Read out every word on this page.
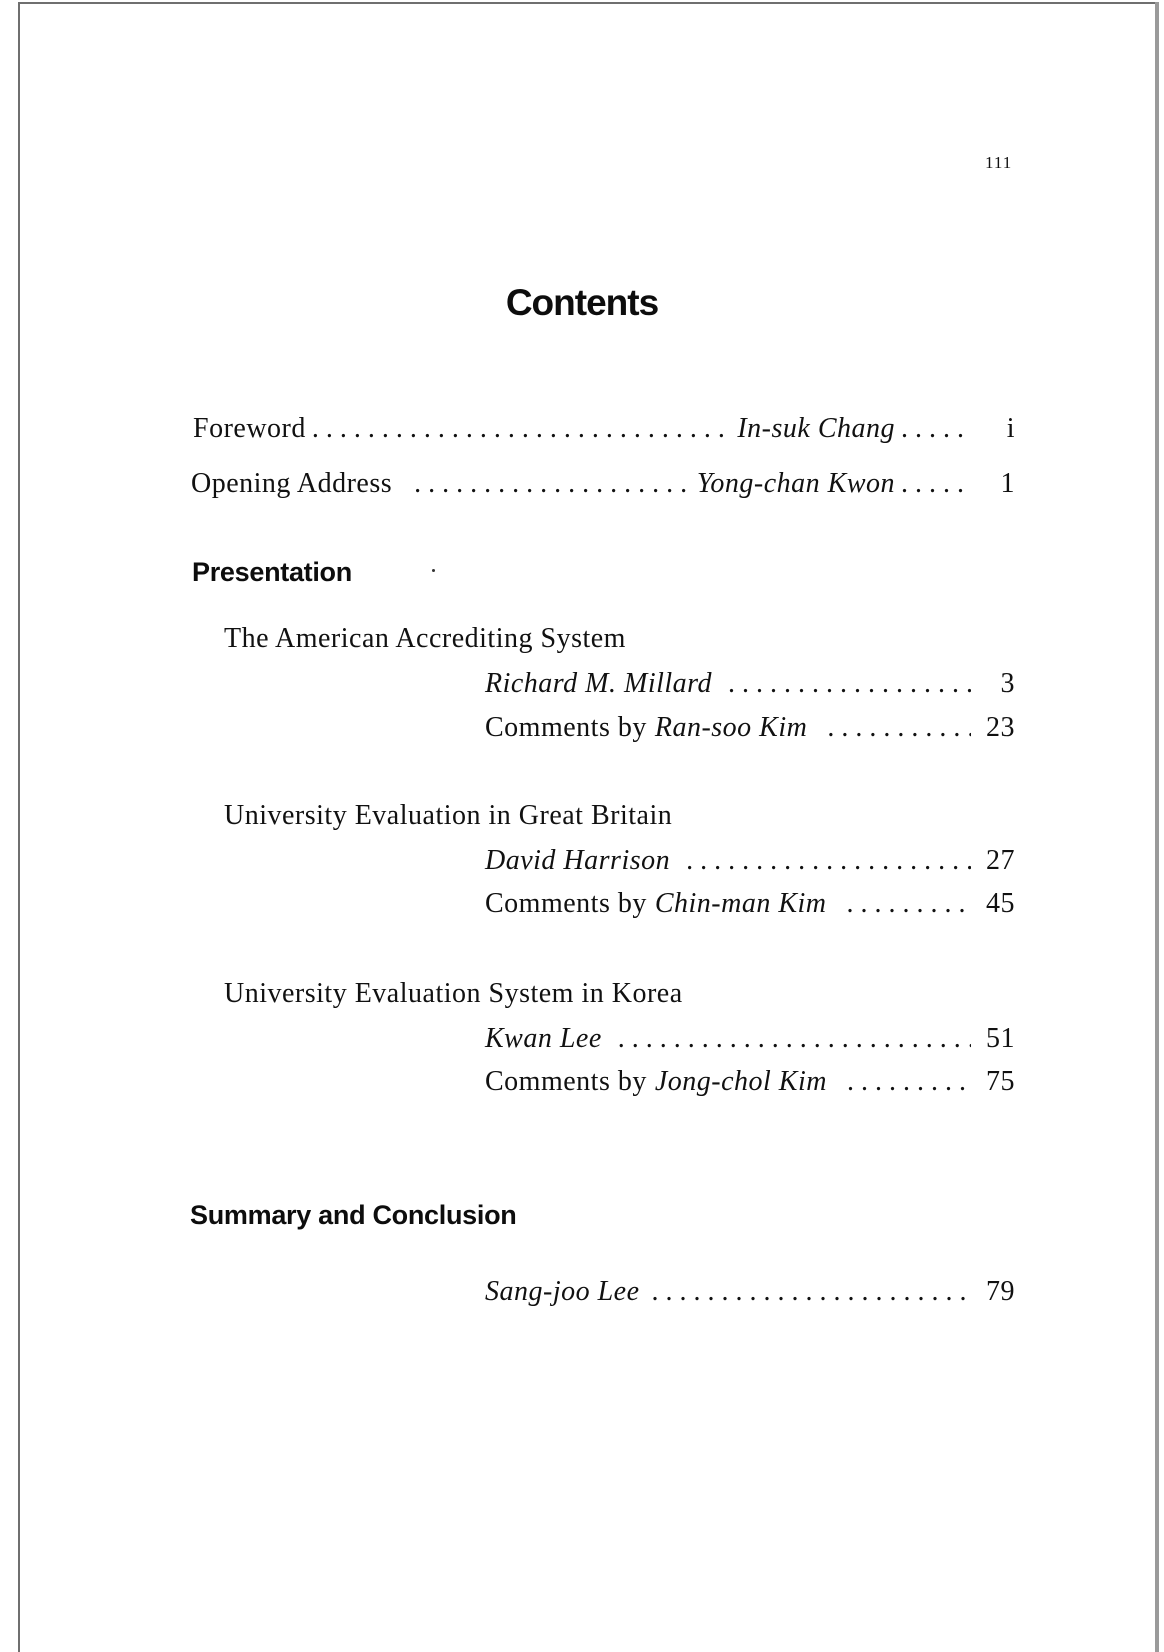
111
Contents
Foreword . . .	In-suk Chang . . .	i
Opening Address . . .	Yong-chan Kwon . . .	1
Presentation
The American Accrediting System
Richard M. Millard . . .	3
Comments by Ran-soo Kim . . .	23
University Evaluation in Great Britain
David Harrison . . .	27
Comments by Chin-man Kim . . .	45
University Evaluation System in Korea
Kwan Lee . . .	51
Comments by Jong-chol Kim . . .	75
Summary and Conclusion
Sang-joo Lee . . .	79
